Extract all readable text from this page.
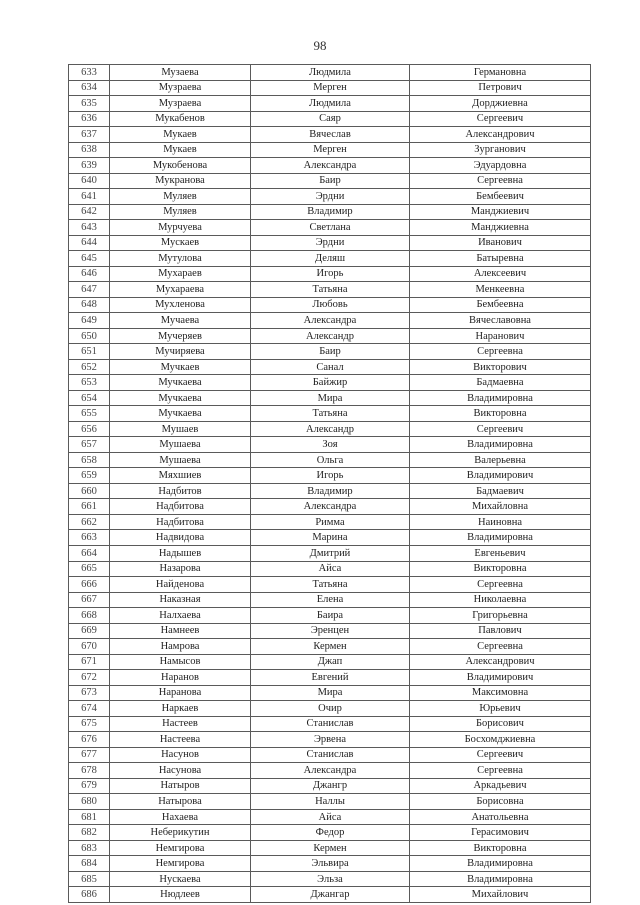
98
633	Музаева	Людмила	Германовна
634	Музраева	Мерген	Петрович
635	Музраева	Людмила	Дорджиевна
636	Мукабенов	Саяр	Сергеевич
637	Мукаев	Вячеслав	Александрович
638	Мукаев	Мерген	Зурганович
639	Мукобенова	Александра	Эдуардовна
640	Мукранова	Баир	Сергеевна
641	Муляев	Эрдни	Бембеевич
642	Муляев	Владимир	Манджиевич
643	Мурчуева	Светлана	Манджиевна
644	Мускаев	Эрдни	Иванович
645	Мутулова	Деляш	Батыревна
646	Мухараев	Игорь	Алексеевич
647	Мухараева	Татьяна	Менкеевна
648	Мухленова	Любовь	Бембеевна
649	Мучаева	Александра	Вячеславовна
650	Мучеряев	Александр	Наранович
651	Мучиряева	Баир	Сергеевна
652	Мучкаев	Санал	Викторович
653	Мучкаева	Байжир	Бадмаевна
654	Мучкаева	Мира	Владимировна
655	Мучкаева	Татьяна	Викторовна
656	Мушаев	Александр	Сергеевич
657	Мушаева	Зоя	Владимировна
658	Мушаева	Ольга	Валерьевна
659	Мяхшиев	Игорь	Владимирович
660	Надбитов	Владимир	Бадмаевич
661	Надбитова	Александра	Михайловна
662	Надбитова	Римма	Наиновна
663	Надвидова	Марина	Владимировна
664	Надышев	Дмитрий	Евгеньевич
665	Назарова	Айса	Викторовна
666	Найденова	Татьяна	Сергеевна
667	Наказная	Елена	Николаевна
668	Налхаева	Баира	Григорьевна
669	Намнеев	Эренцен	Павлович
670	Намрова	Кермен	Сергеевна
671	Намысов	Джап	Александрович
672	Наранов	Евгений	Владимирович
673	Наранова	Мира	Максимовна
674	Наркаев	Очир	Юрьевич
675	Настеев	Станислав	Борисович
676	Настеева	Эрвена	Босхомджиевна
677	Насунов	Станислав	Сергеевич
678	Насунова	Александра	Сергеевна
679	Натыров	Джангр	Аркадьевич
680	Натырова	Наллы	Борисовна
681	Нахаева	Айса	Анатольевна
682	Неберикутин	Федор	Герасимович
683	Немгирова	Кермен	Викторовна
684	Немгирова	Эльвира	Владимировна
685	Нускаева	Эльза	Владимировна
686	Нюдлеев	Джангар	Михайлович
